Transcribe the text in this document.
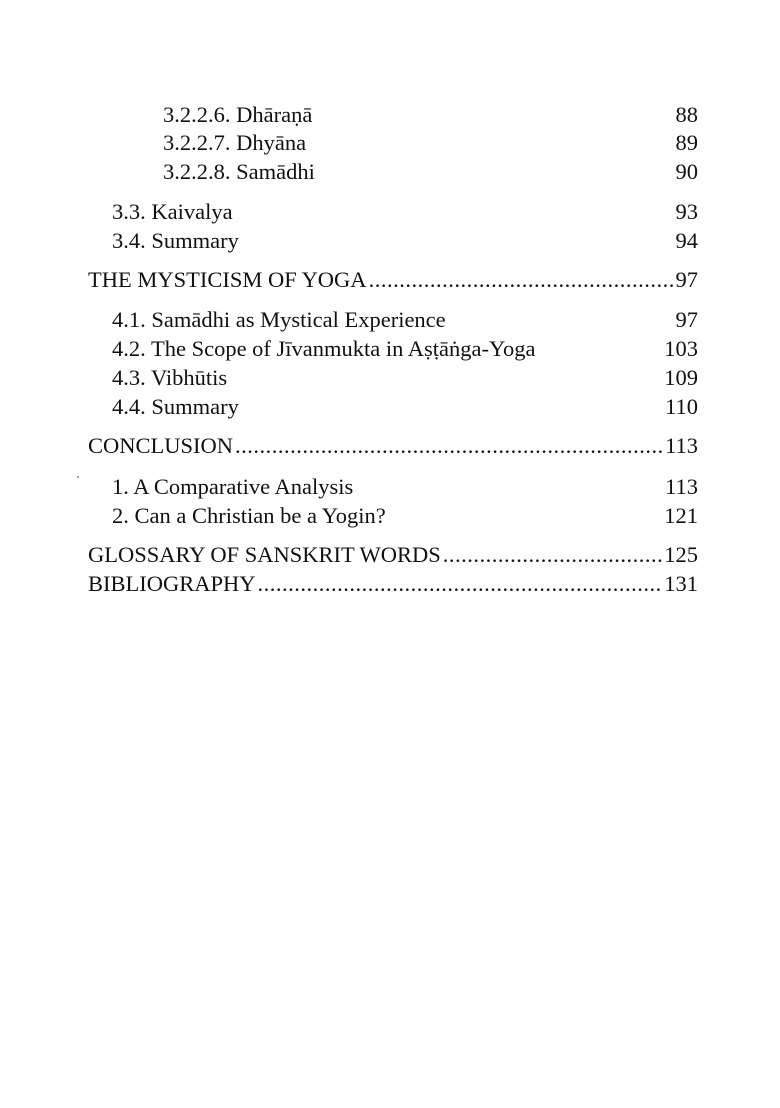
3.2.2.6. Dhāraṇā	88
3.2.2.7. Dhyāna	89
3.2.2.8. Samādhi	90
3.3. Kaivalya	93
3.4. Summary	94
THE MYSTICISM OF YOGA .....	97
4.1. Samādhi as Mystical Experience	97
4.2. The Scope of Jīvanmukta in Aṣṭāṅga-Yoga	103
4.3. Vibhūtis	109
4.4. Summary	110
CONCLUSION .....	113
1. A Comparative Analysis	113
2. Can a Christian be a Yogin?	121
GLOSSARY OF SANSKRIT WORDS .....	125
BIBLIOGRAPHY .....	131
